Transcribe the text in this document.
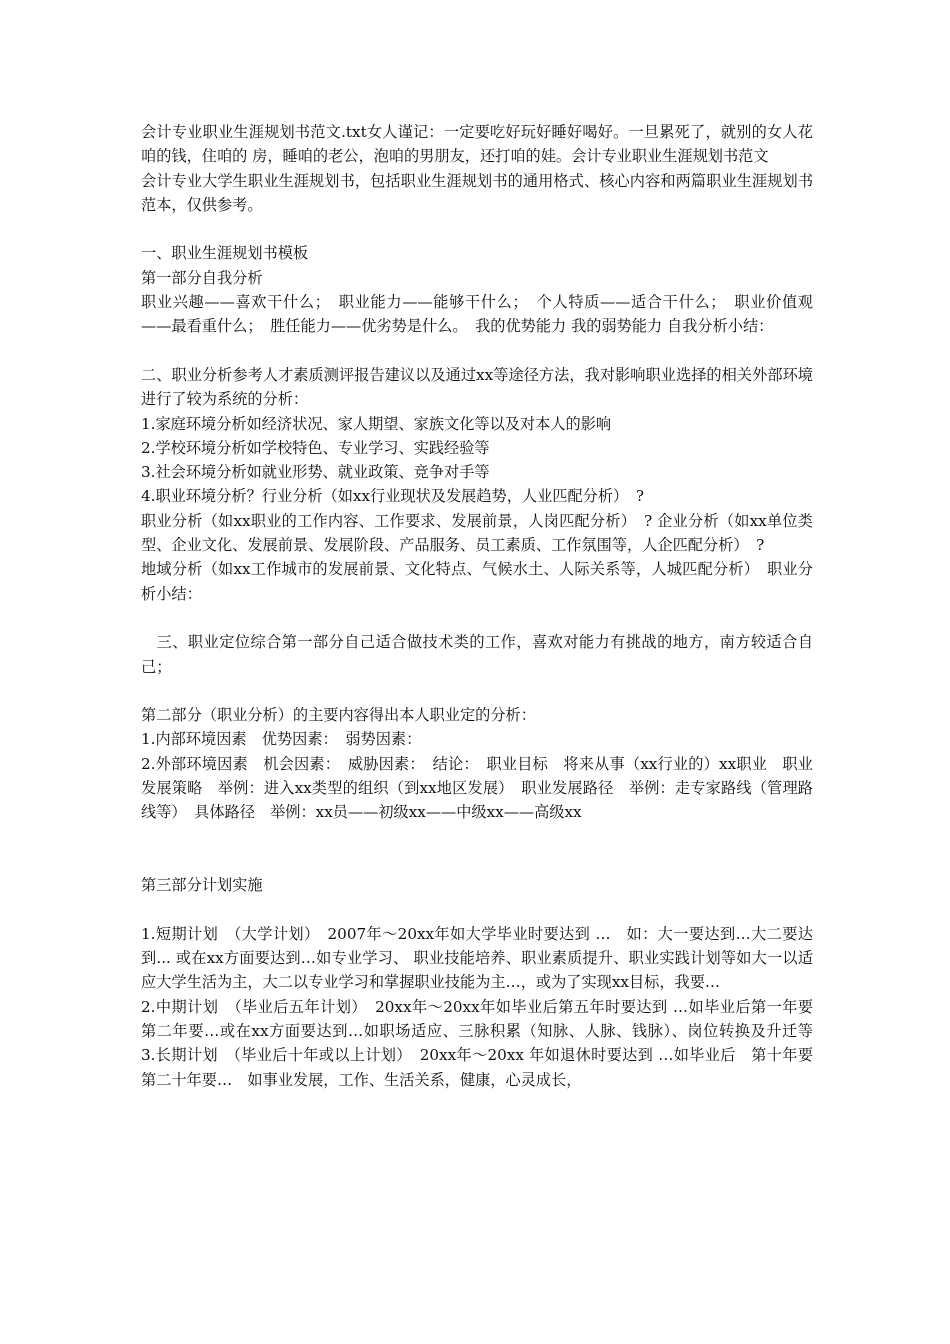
会计专业职业生涯规划书范文.txt女人谨记：一定要吃好玩好睡好喝好。一旦累死了，就别的女人花咱的钱，住咱的 房，睡咱的老公，泡咱的男朋友，还打咱的娃。会计专业职业生涯规划书范文

会计专业大学生职业生涯规划书，包括职业生涯规划书的通用格式、核心内容和两篇职业生涯规划书范本，仅供参考。

一、职业生涯规划书模板

第一部分自我分析

职业兴趣——喜欢干什么；　职业能力——能够干什么；　个人特质——适合干什么；　职业价值观——最看重什么；　胜任能力——优劣势是什么。　我的优势能力 我的弱势能力 自我分析小结：

二、职业分析参考人才素质测评报告建议以及通过xx等途径方法，我对影响职业选择的相关外部环境进行了较为系统的分析：

1.家庭环境分析如经济状况、家人期望、家族文化等以及对本人的影响

2.学校环境分析如学校特色、专业学习、实践经验等

3.社会环境分析如就业形势、就业政策、竞争对手等

4.职业环境分析？行业分析（如xx行业现状及发展趋势，人业匹配分析）　?

职业分析（如xx职业的工作内容、工作要求、发展前景，人岗匹配分析）　? 企业分析（如xx单位类型、企业文化、发展前景、发展阶段、产品服务、员工素质、工作氛围等，人企匹配分析）　?

地域分析（如xx工作城市的发展前景、文化特点、气候水土、人际关系等，人城匹配分析）　职业分析小结：

　三、职业定位综合第一部分自己适合做技术类的工作，喜欢对能力有挑战的地方，南方较适合自己；

第二部分（职业分析）的主要内容得出本人职业定的分析：

1.内部环境因素　优势因素：　弱势因素：

2.外部环境因素　机会因素：　威胁因素：　结论：　职业目标　将来从事（xx行业的）xx职业　职业发展策略　举例：进入xx类型的组织（到xx地区发展）　职业发展路径　举例：走专家路线（管理路线等）　具体路径　举例：xx员——初级xx——中级xx——高级xx

第三部分计划实施

1.短期计划　（大学计划）　2007年～20xx年如大学毕业时要达到 …　如：大一要达到…大二要达到... 或在xx方面要达到…如专业学习、 职业技能培养、职业素质提升、职业实践计划等如大一以适应大学生活为主，大二以专业学习和掌握职业技能为主…，或为了实现xx目标，我要…

2.中期计划　（毕业后五年计划）　20xx年～20xx年如毕业后第五年时要达到 …如毕业后第一年要　第二年要…或在xx方面要达到…如职场适应、三脉积累（知脉、人脉、钱脉）、岗位转换及升迁等　3.长期计划　（毕业后十年或以上计划）　20xx年～20xx 年如退休时要达到 …如毕业后　第十年要　第二十年要…　如事业发展，工作、生活关系，健康，心灵成长，
